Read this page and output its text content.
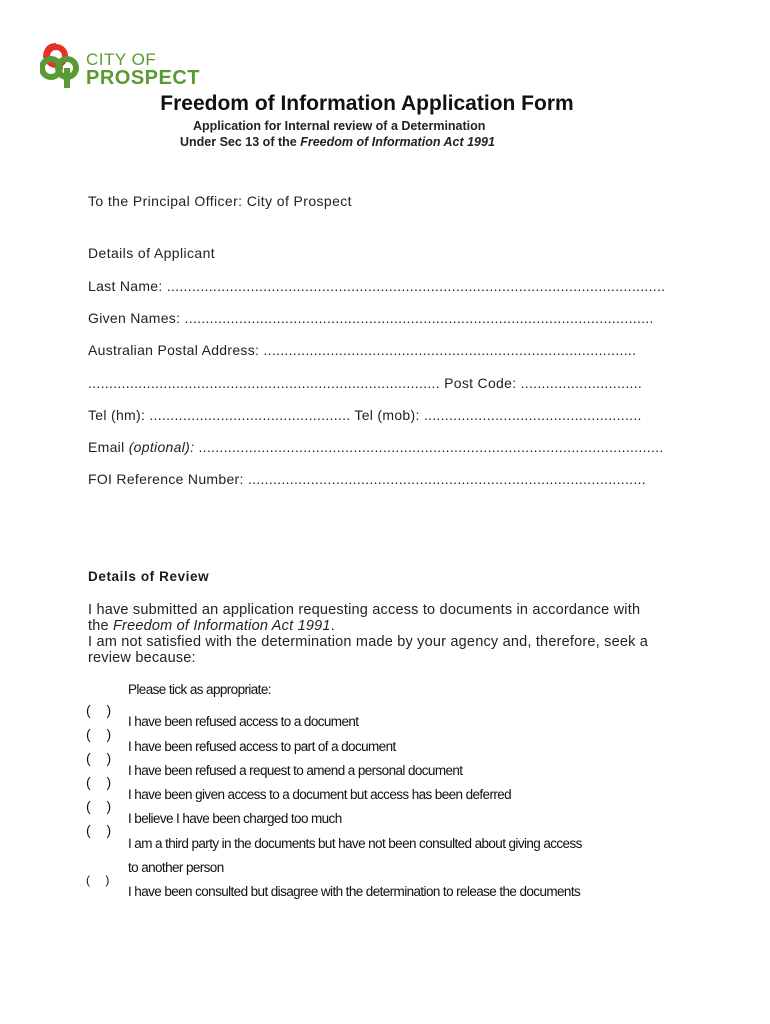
CITY OF
PROSPECT
Freedom of Information Application Form
Application for Internal review of a Determination
Under Sec 13 of the Freedom of Information Act 1991
To the Principal Officer: City of Prospect
Details of Applicant
Last Name: .......................................................................................................................
Given Names: ................................................................................................................
Australian Postal Address: .........................................................................................
.................................................................................... Post Code: .............................
Tel (hm): ................................................ Tel (mob): ....................................................
Email (optional): ...............................................................................................................
FOI Reference Number: ...............................................................................................
Details of Review
I have submitted an application requesting access to documents in accordance with
the Freedom of Information Act 1991.
I am not satisfied with the determination made by your agency and, therefore, seek a
review because:
Please tick as appropriate:
( )
( )
( )
( )
( )
( )
( )
I have been refused access to a document
I have been refused access to part of a document
I have been refused a request to amend a personal document
I have been given access to a document but access has been deferred
I believe I have been charged too much
I am a third party in the documents but have not been consulted about giving access
to another person
I have been consulted but disagree with the determination to release the documents
